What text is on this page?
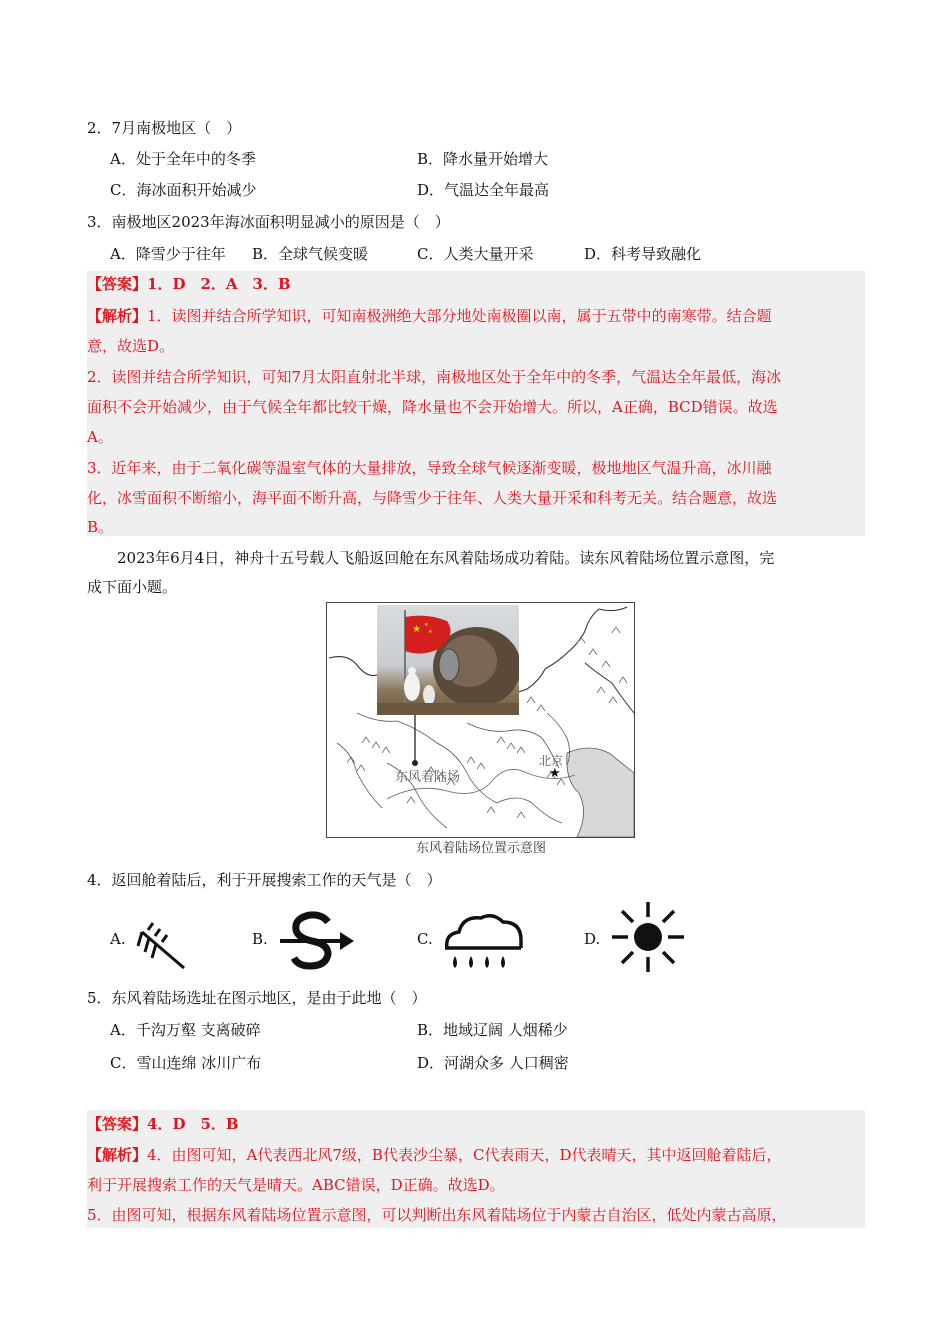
2．7月南极地区（　）
A．处于全年中的冬季	B．降水量开始增大
C．海冰面积开始减少	D．气温达全年最高
3．南极地区2023年海冰面积明显减小的原因是（　）
A．降雪少于往年 B．全球气候变暖	C．人类大量开采	D．科考导致融化
【答案】1．D　2．A　3．B
【解析】1．读图并结合所学知识，可知南极洲绝大部分地处南极圈以南，属于五带中的南寒带。结合题
意，故选D。
2．读图并结合所学知识，可知7月太阳直射北半球，南极地区处于全年中的冬季，气温达全年最低，海冰
面积不会开始减少，由于气候全年都比较干燥，降水量也不会开始增大。所以，A正确，BCD错误。故选
A。
3．近年来，由于二氧化碳等温室气体的大量排放，导致全球气候逐渐变暖，极地地区气温升高，冰川融
化，冰雪面积不断缩小，海平面不断升高，与降雪少于往年、人类大量开采和科考无关。结合题意，故选
B。
2023年6月4日，神舟十五号载人飞船返回舱在东风着陆场成功着陆。读东风着陆场位置示意图，完
成下面小题。
★
北京
东风着陆场
★ ★
★
东风着陆场位置示意图
4．返回舱着陆后，利于开展搜索工作的天气是（　）
A.	B.	C.	D.
5．东风着陆场选址在图示地区，是由于此地（　）
A．千沟万壑 支离破碎	B．地域辽阔 人烟稀少
C．雪山连绵 冰川广布	D．河湖众多 人口稠密
【答案】4．D　5．B
【解析】4．由图可知，A代表西北风7级，B代表沙尘暴，C代表雨天，D代表晴天，其中返回舱着陆后，
利于开展搜索工作的天气是晴天。ABC错误，D正确。故选D。
5．由图可知，根据东风着陆场位置示意图，可以判断出东风着陆场位于内蒙古自治区，低处内蒙古高原，
